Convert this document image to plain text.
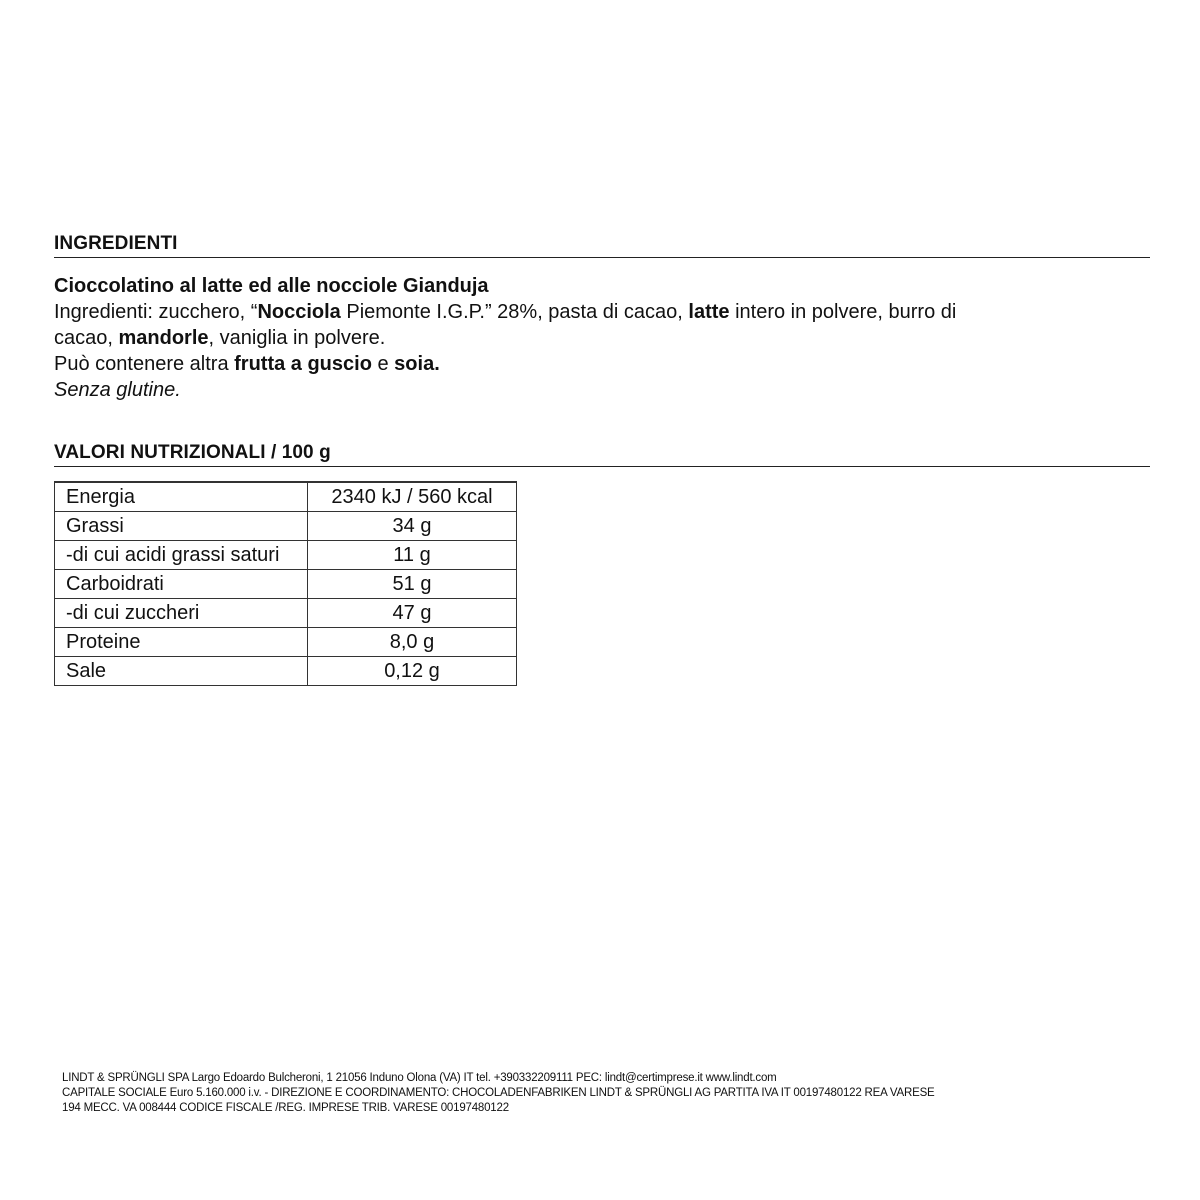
INGREDIENTI

Cioccolatino al latte ed alle nocciole Gianduja

Ingredienti: zucchero, “Nocciola Piemonte I.G.P.” 28%, pasta di cacao, latte intero in polvere, burro di

cacao, mandorle, vaniglia in polvere.

Può contenere altra frutta a guscio e soia.

Senza glutine.

VALORI NUTRIZIONALI / 100 g
Energia	2340 kJ / 560 kcal
Grassi	34 g
-di cui acidi grassi saturi	11 g
Carboidrati	51 g
-di cui zuccheri	47 g
Proteine	8,0 g
Sale	0,12 g
LINDT & SPRÜNGLI SPA Largo Edoardo Bulcheroni, 1 21056 Induno Olona (VA) IT tel. +390332209111 PEC: lindt@certimprese.it www.lindt.com
CAPITALE SOCIALE Euro 5.160.000 i.v. - DIREZIONE E COORDINAMENTO: CHOCOLADENFABRIKEN LINDT & SPRÜNGLI AG PARTITA IVA IT 00197480122 REA VARESE
194 MECC. VA 008444 CODICE FISCALE /REG. IMPRESE TRIB. VARESE 00197480122
